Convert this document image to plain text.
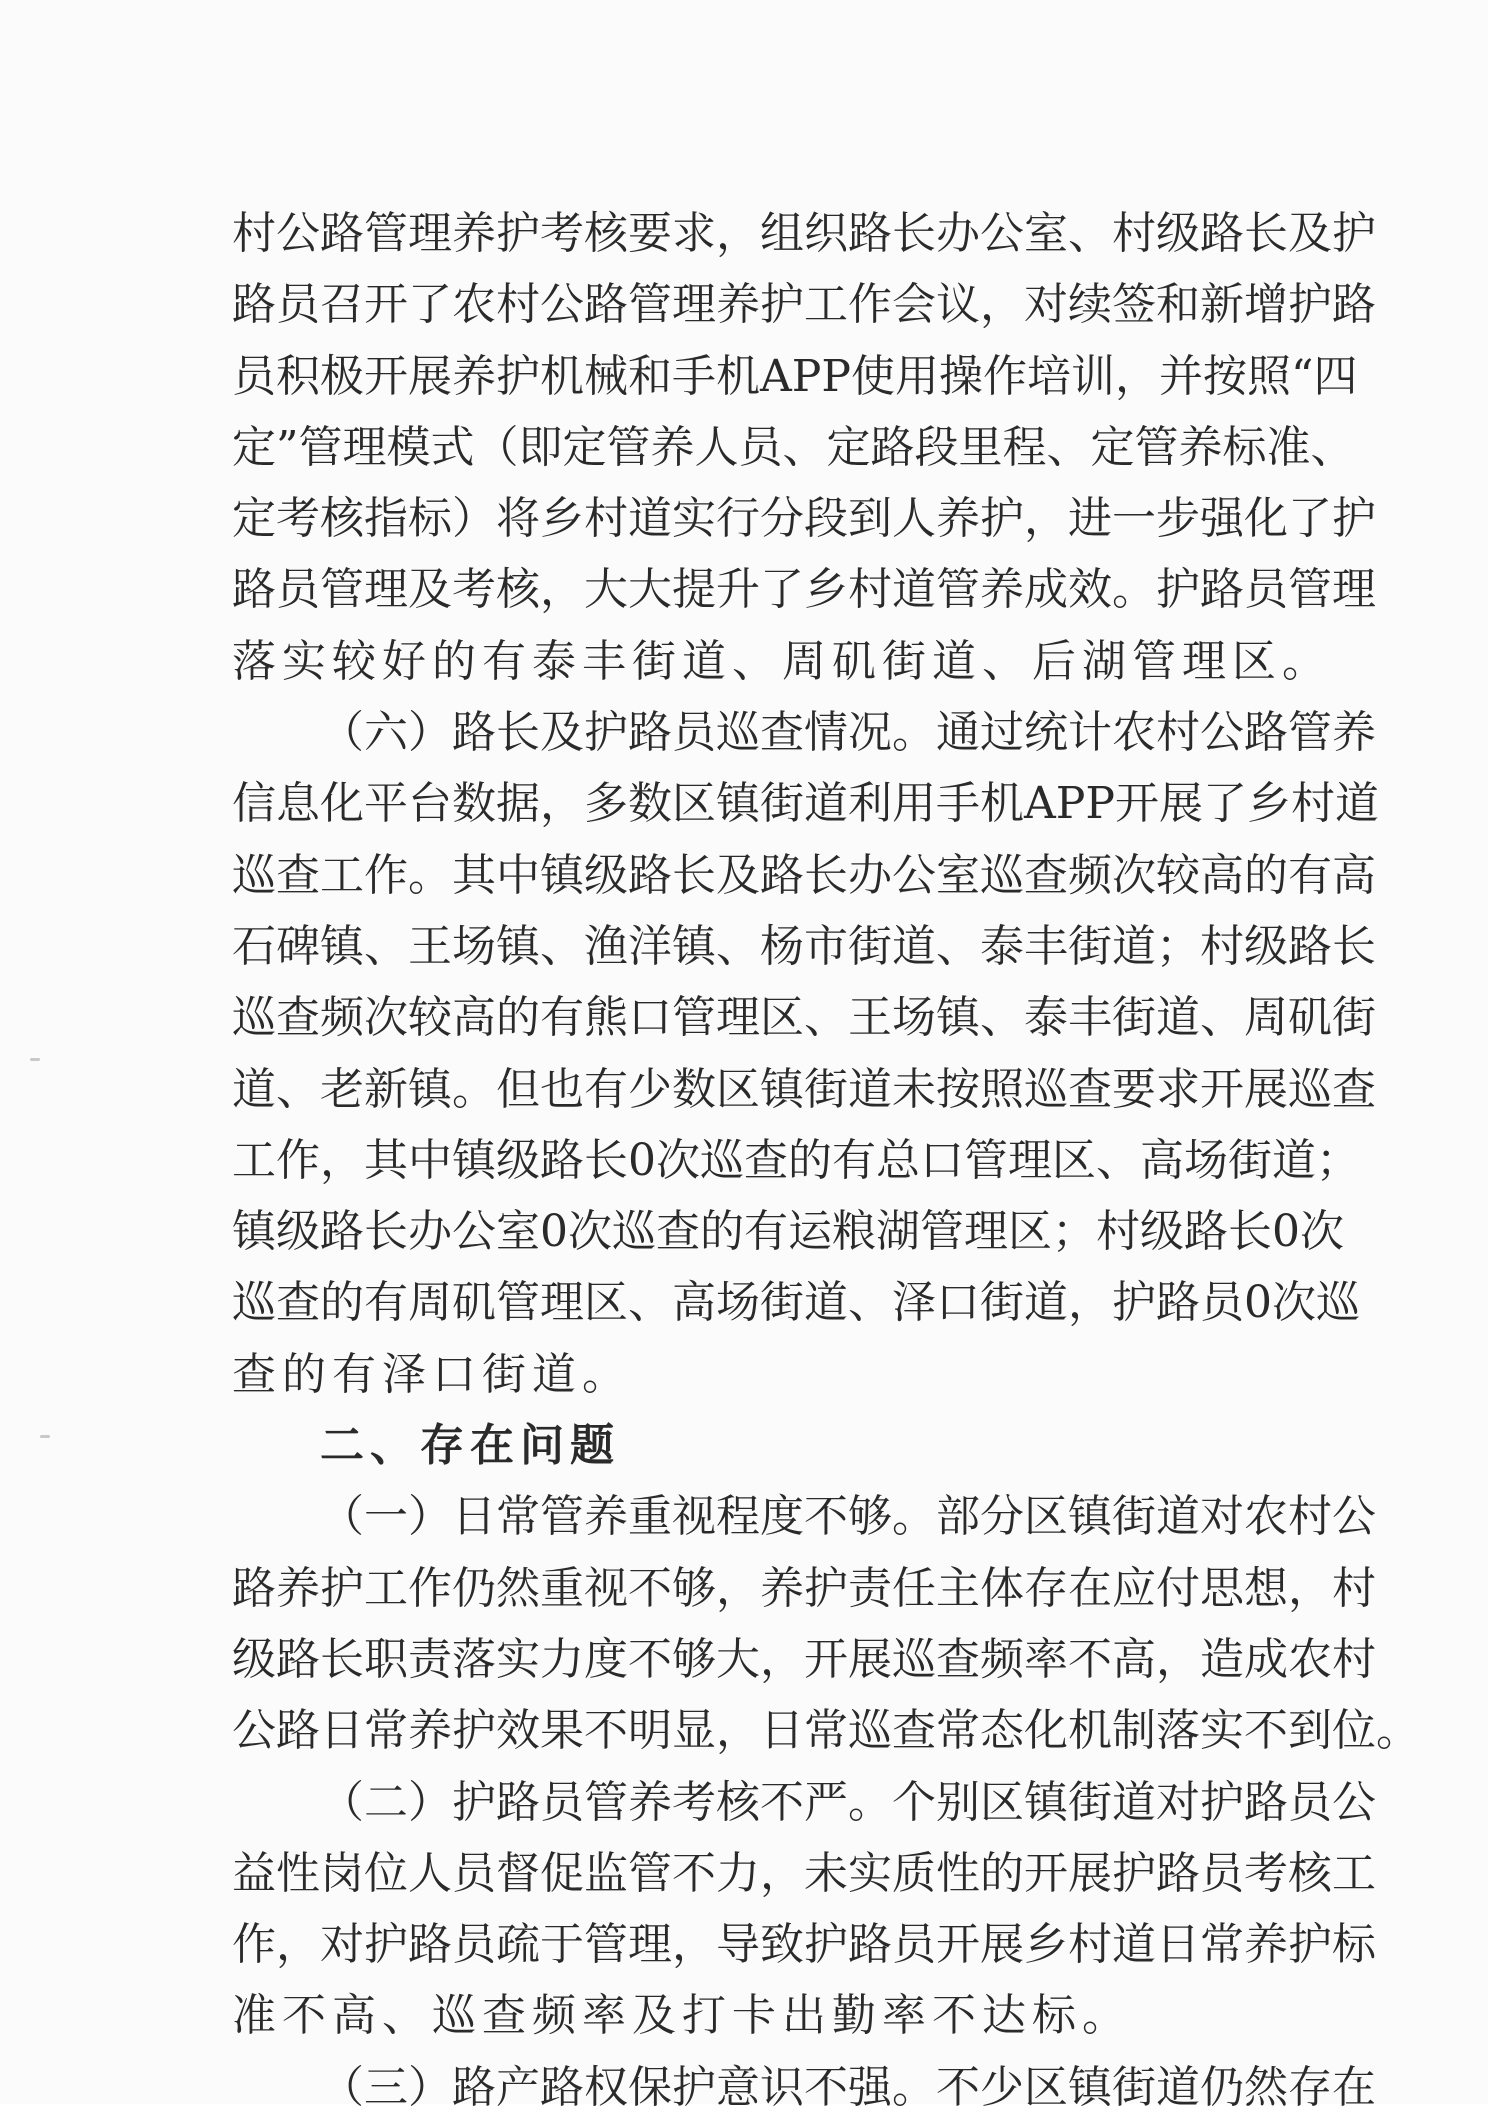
村 公 路 管 理 养 护 考 核 要 求 ， 组 织 路 长 办 公 室 、 村 级 路 长 及 护
路 员 召 开 了 农 村 公 路 管 理 养 护 工 作 会 议 ， 对 续 签 和 新 增 护 路
员 积 极 开 展 养 护 机 械 和 手 机 APP 使 用 操 作 培 训 ， 并 按 照 “ 四
定 ” 管 理 模 式 （ 即 定 管 养 人 员 、 定 路 段 里 程 、 定 管 养 标 准 、
定 考 核 指 标 ） 将 乡 村 道 实 行 分 段 到 人 养 护 ， 进 一 步 强 化 了 护
路 员 管 理 及 考 核 ， 大 大 提 升 了 乡 村 道 管 养 成 效 。 护 路 员 管 理
落实较好的有泰丰街道、周矶街道、后湖管理区。
（ 六 ） 路 长 及 护 路 员 巡 查 情 况 。 通 过 统 计 农 村 公 路 管 养
信 息 化 平 台 数 据 ， 多 数 区 镇 街 道 利 用 手 机 APP 开 展 了 乡 村 道
巡 查 工 作 。 其 中 镇 级 路 长 及 路 长 办 公 室 巡 查 频 次 较 高 的 有 高
石 碑 镇 、 王 场 镇 、 渔 洋 镇 、 杨 市 街 道 、 泰 丰 街 道 ； 村 级 路 长
巡 查 频 次 较 高 的 有 熊 口 管 理 区 、 王 场 镇 、 泰 丰 街 道 、 周 矶 街
道 、 老 新 镇 。 但 也 有 少 数 区 镇 街 道 未 按 照 巡 查 要 求 开 展 巡 查
工 作 ， 其 中 镇 级 路 长 0 次 巡 查 的 有 总 口 管 理 区 、 高 场 街 道 ；
镇 级 路 长 办 公 室 0 次 巡 查 的 有 运 粮 湖 管 理 区 ； 村 级 路 长 0 次
巡 查 的 有 周 矶 管 理 区 、 高 场 街 道 、 泽 口 街 道 ， 护 路 员 0 次 巡
查的有泽口街道。
二、存在问题
（ 一 ） 日 常 管 养 重 视 程 度 不 够 。 部 分 区 镇 街 道 对 农 村 公
路 养 护 工 作 仍 然 重 视 不 够 ， 养 护 责 任 主 体 存 在 应 付 思 想 ， 村
级 路 长 职 责 落 实 力 度 不 够 大 ， 开 展 巡 查 频 率 不 高 ， 造 成 农 村
公 路 日 常 养 护 效 果 不 明 显 ， 日 常 巡 查 常 态 化 机 制 落 实 不 到 位 。
（ 二 ） 护 路 员 管 养 考 核 不 严 。 个 别 区 镇 街 道 对 护 路 员 公
益 性 岗 位 人 员 督 促 监 管 不 力 ， 未 实 质 性 的 开 展 护 路 员 考 核 工
作 ， 对 护 路 员 疏 于 管 理 ， 导 致 护 路 员 开 展 乡 村 道 日 常 养 护 标
准不高、巡查频率及打卡出勤率不达标。
（ 三 ） 路 产 路 权 保 护 意 识 不 强 。 不 少 区 镇 街 道 仍 然 存 在
